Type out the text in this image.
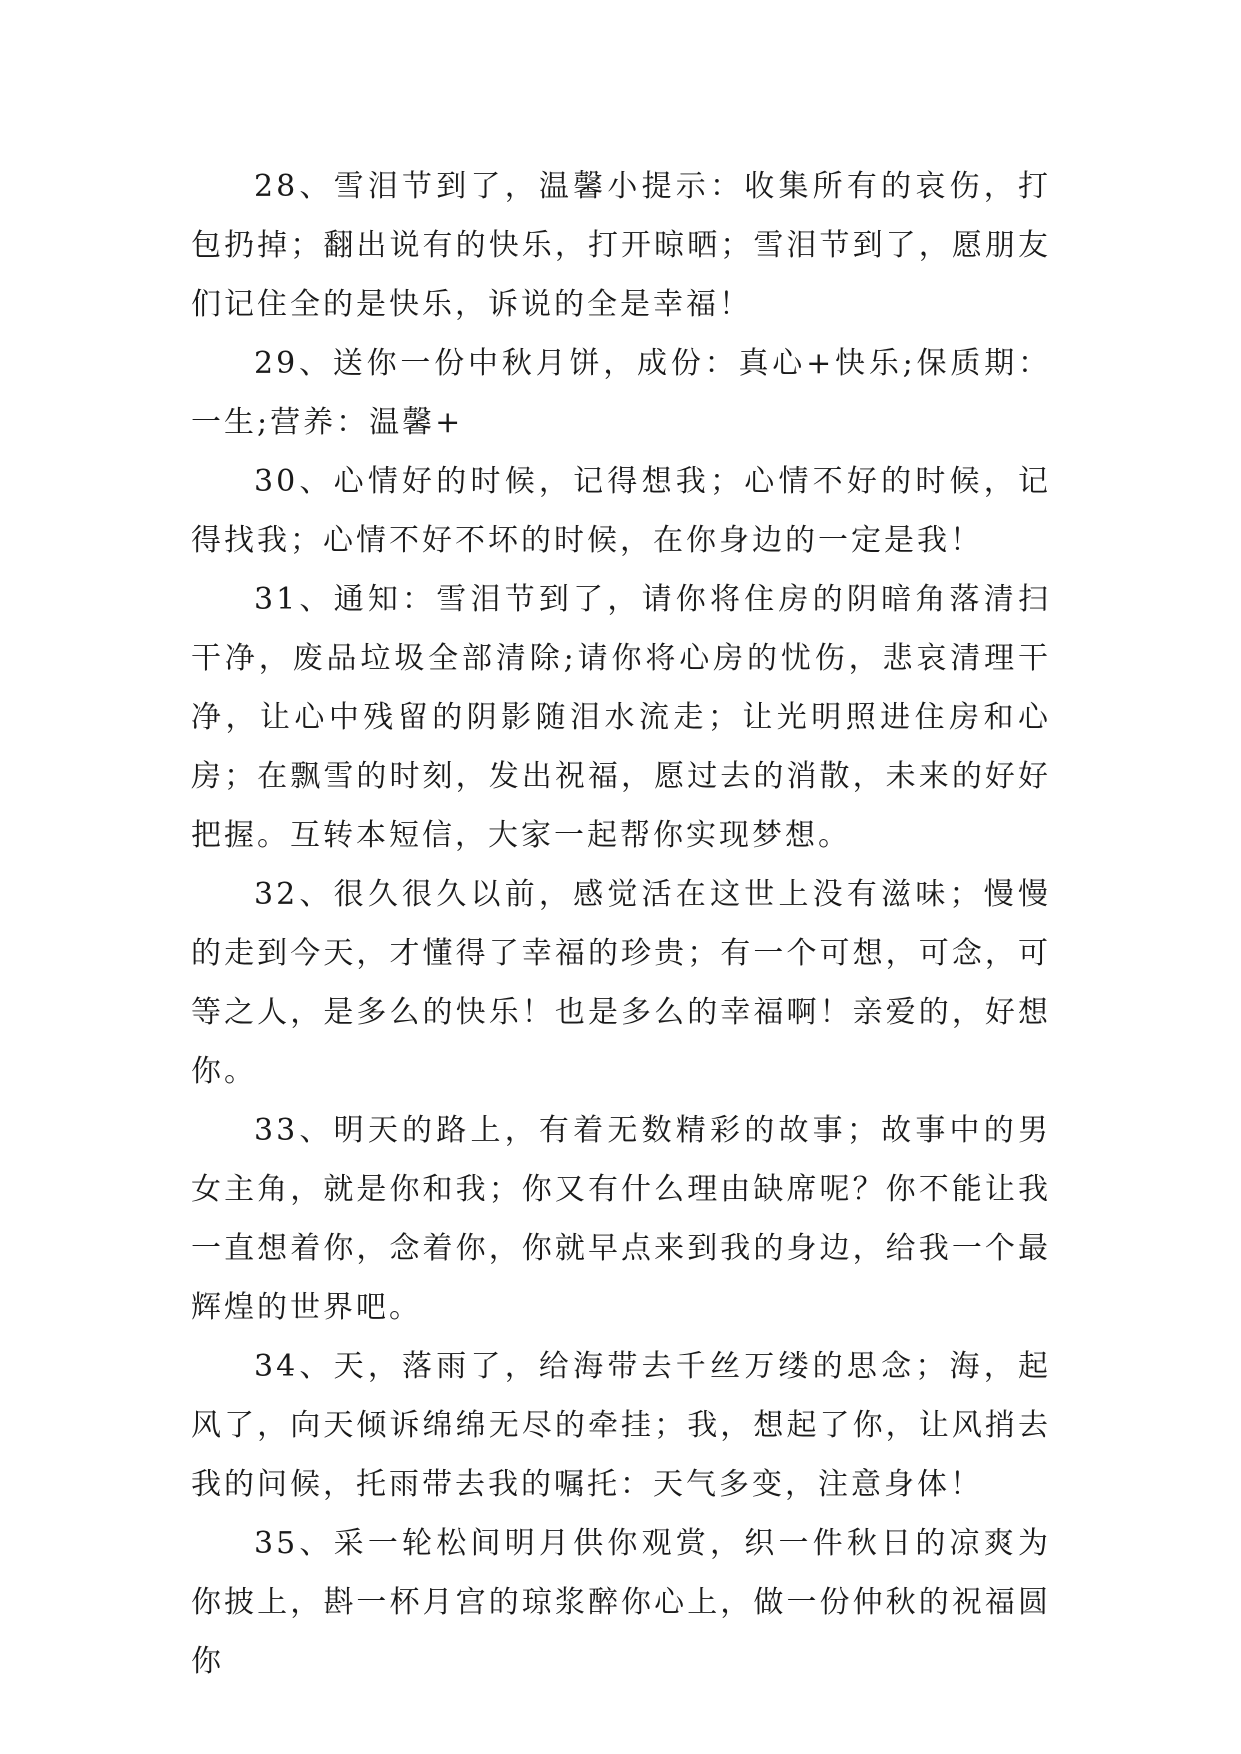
28、雪泪节到了，温馨小提示：收集所有的哀伤，打包扔掉；翻出说有的快乐，打开晾晒；雪泪节到了，愿朋友们记住全的是快乐，诉说的全是幸福！

29、送你一份中秋月饼，成份：真心+快乐;保质期：一生;营养：温馨+

30、心情好的时候，记得想我；心情不好的时候，记得找我；心情不好不坏的时候，在你身边的一定是我！

31、通知：雪泪节到了，请你将住房的阴暗角落清扫干净，废品垃圾全部清除;请你将心房的忧伤，悲哀清理干净，让心中残留的阴影随泪水流走；让光明照进住房和心房；在飘雪的时刻，发出祝福，愿过去的消散，未来的好好把握。互转本短信，大家一起帮你实现梦想。

32、很久很久以前，感觉活在这世上没有滋味；慢慢的走到今天，才懂得了幸福的珍贵；有一个可想，可念，可等之人，是多么的快乐！也是多么的幸福啊！亲爱的，好想你。

33、明天的路上，有着无数精彩的故事；故事中的男女主角，就是你和我；你又有什么理由缺席呢？你不能让我一直想着你，念着你，你就早点来到我的身边，给我一个最辉煌的世界吧。

34、天，落雨了，给海带去千丝万缕的思念；海，起风了，向天倾诉绵绵无尽的牵挂；我，想起了你，让风捎去我的问候，托雨带去我的嘱托：天气多变，注意身体！

35、采一轮松间明月供你观赏，织一件秋日的凉爽为你披上，斟一杯月宫的琼浆醉你心上，做一份仲秋的祝福圆你
